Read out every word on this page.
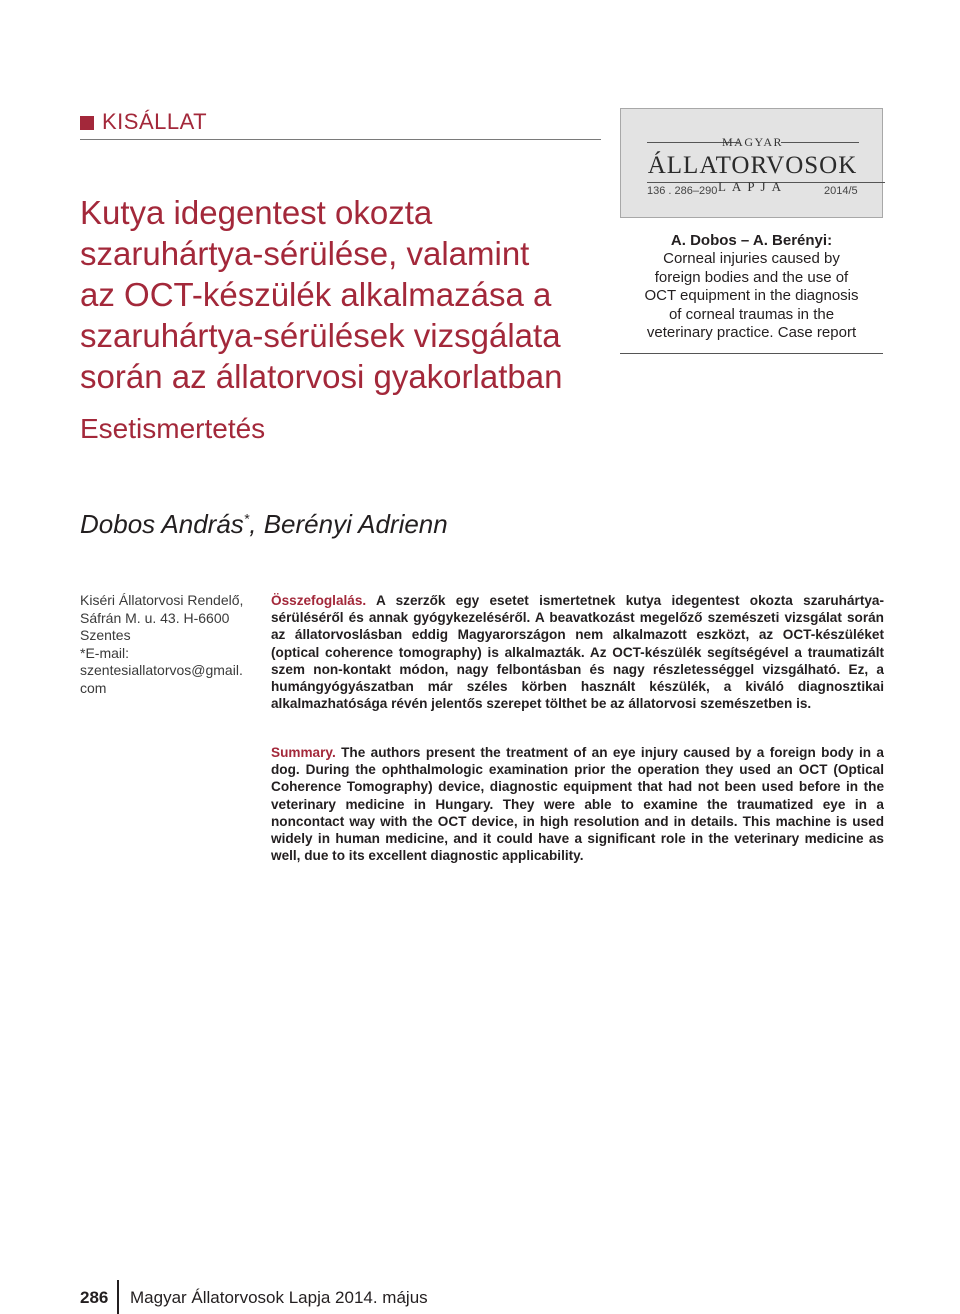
KISÁLLAT
Kutya idegentest okozta
szaruhártya-sérülése, valamint
az OCT-készülék alkalmazása a
szaruhártya-sérülések vizsgálata
során az állatorvosi gyakorlatban
Esetismertetés
MAGYAR
ÁLLATORVOSOK
136 . 286–290 LAPJA	2014/5
A. Dobos – A. Berényi:
Corneal injuries caused by
foreign bodies and the use of
OCT equipment in the diagnosis
of corneal traumas in the
veterinary practice. Case report
Dobos András*, Berényi Adrienn
Kiséri Állatorvosi Rendelő,
Sáfrán M. u. 43. H-6600
Szentes
*E-mail:
szentesiallatorvos@gmail.
com

Összefoglalás. A szerzők egy esetet ismertetnek kutya idegentest okozta szaruhártya-sérüléséről és annak gyógykezeléséről. A beavatkozást megelőző szemészeti vizsgálat során az állatorvoslásban eddig Magyarországon nem alkalmazott eszközt, az OCT-készüléket (optical coherence tomography) is alkalmazták. Az OCT-készülék segítségével a traumatizált szem non-kontakt módon, nagy felbontásban és nagy részletességgel vizsgálható. Ez, a humángyógyászatban már széles körben használt készülék, a kiváló diagnosztikai alkalmazhatósága révén jelentős szerepet tölthet be az állatorvosi szemészetben is.

Summary. The authors present the treatment of an eye injury caused by a foreign body in a dog. During the ophthalmologic examination prior the operation they used an OCT (Optical Coherence Tomography) device, diagnostic equipment that had not been used before in the veterinary medicine in Hungary. They were able to examine the traumatized eye in a noncontact way with the OCT device, in high resolution and in details. This machine is used widely in human medicine, and it could have a significant role in the veterinary medicine as well, due to its excellent diagnostic applicability.

286 Magyar Állatorvosok Lapja 2014. május
